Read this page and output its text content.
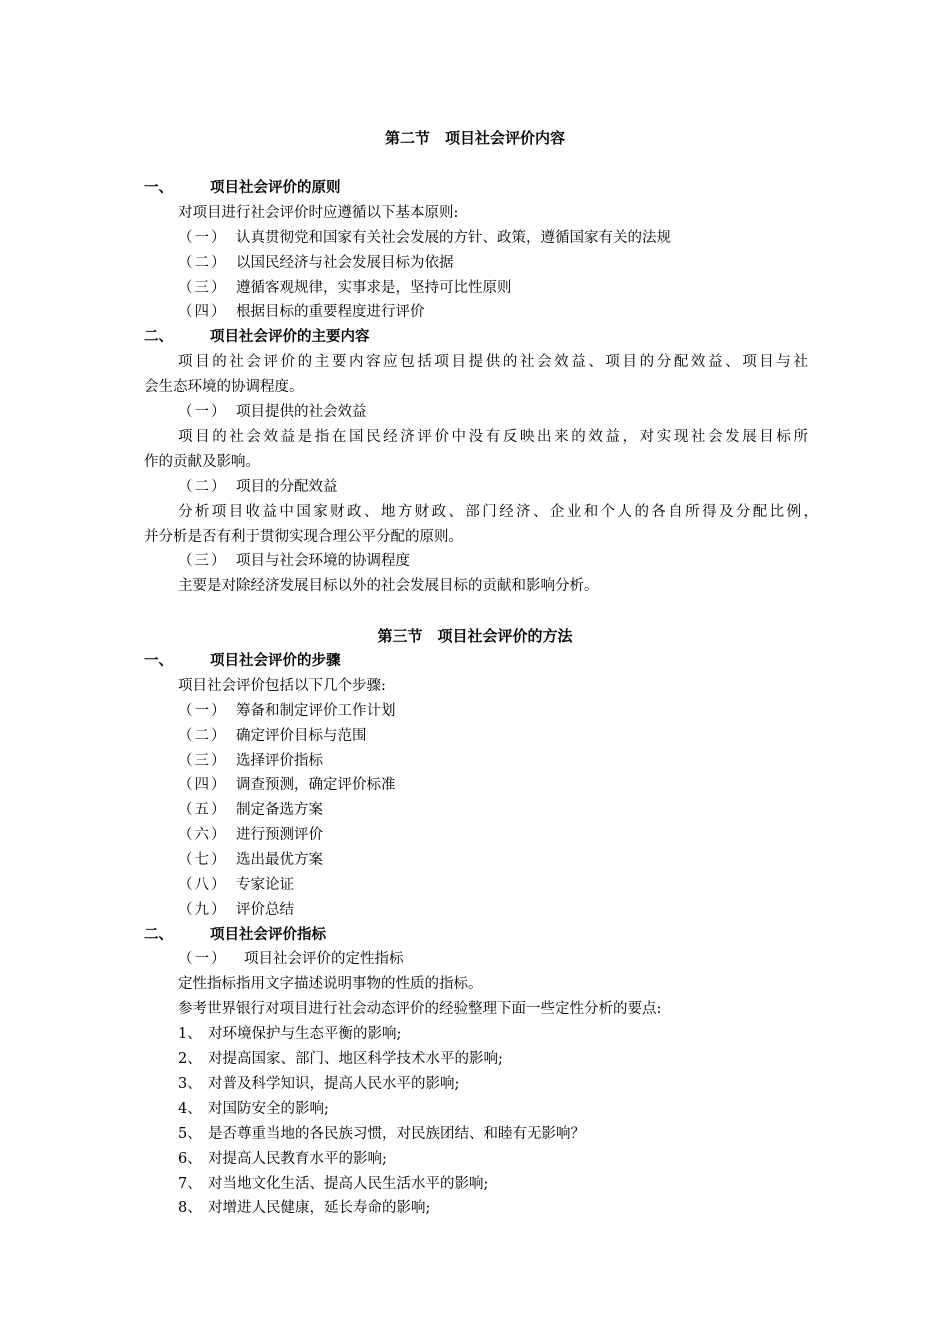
第二节　项目社会评价内容
一、	项目社会评价的原则
对项目进行社会评价时应遵循以下基本原则:
（一） 认真贯彻党和国家有关社会发展的方针、政策，遵循国家有关的法规
（二） 以国民经济与社会发展目标为依据
（三） 遵循客观规律，实事求是，坚持可比性原则
（四） 根据目标的重要程度进行评价
二、	项目社会评价的主要内容
项目的社会评价的主要内容应包括项目提供的社会效益、项目的分配效益、项目与社
会生态环境的协调程度。
（一） 项目提供的社会效益
项目的社会效益是指在国民经济评价中没有反映出来的效益，对实现社会发展目标所
作的贡献及影响。
（二） 项目的分配效益
分析项目收益中国家财政、地方财政、部门经济、企业和个人的各自所得及分配比例，
并分析是否有利于贯彻实现合理公平分配的原则。
（三） 项目与社会环境的协调程度
主要是对除经济发展目标以外的社会发展目标的贡献和影响分析。
第三节　项目社会评价的方法
一、	项目社会评价的步骤
项目社会评价包括以下几个步骤:
（一） 筹备和制定评价工作计划
（二） 确定评价目标与范围
（三） 选择评价指标
（四） 调查预测，确定评价标准
（五） 制定备选方案
（六） 进行预测评价
（七） 选出最优方案
（八） 专家论证
（九） 评价总结
二、	项目社会评价指标
（一） 项目社会评价的定性指标
定性指标指用文字描述说明事物的性质的指标。
参考世界银行对项目进行社会动态评价的经验整理下面一些定性分析的要点:
1、 对环境保护与生态平衡的影响;
2、 对提高国家、部门、地区科学技术水平的影响;
3、 对普及科学知识，提高人民水平的影响;
4、 对国防安全的影响;
5、 是否尊重当地的各民族习惯，对民族团结、和睦有无影响？
6、 对提高人民教育水平的影响;
7、 对当地文化生活、提高人民生活水平的影响;
8、 对增进人民健康，延长寿命的影响;
